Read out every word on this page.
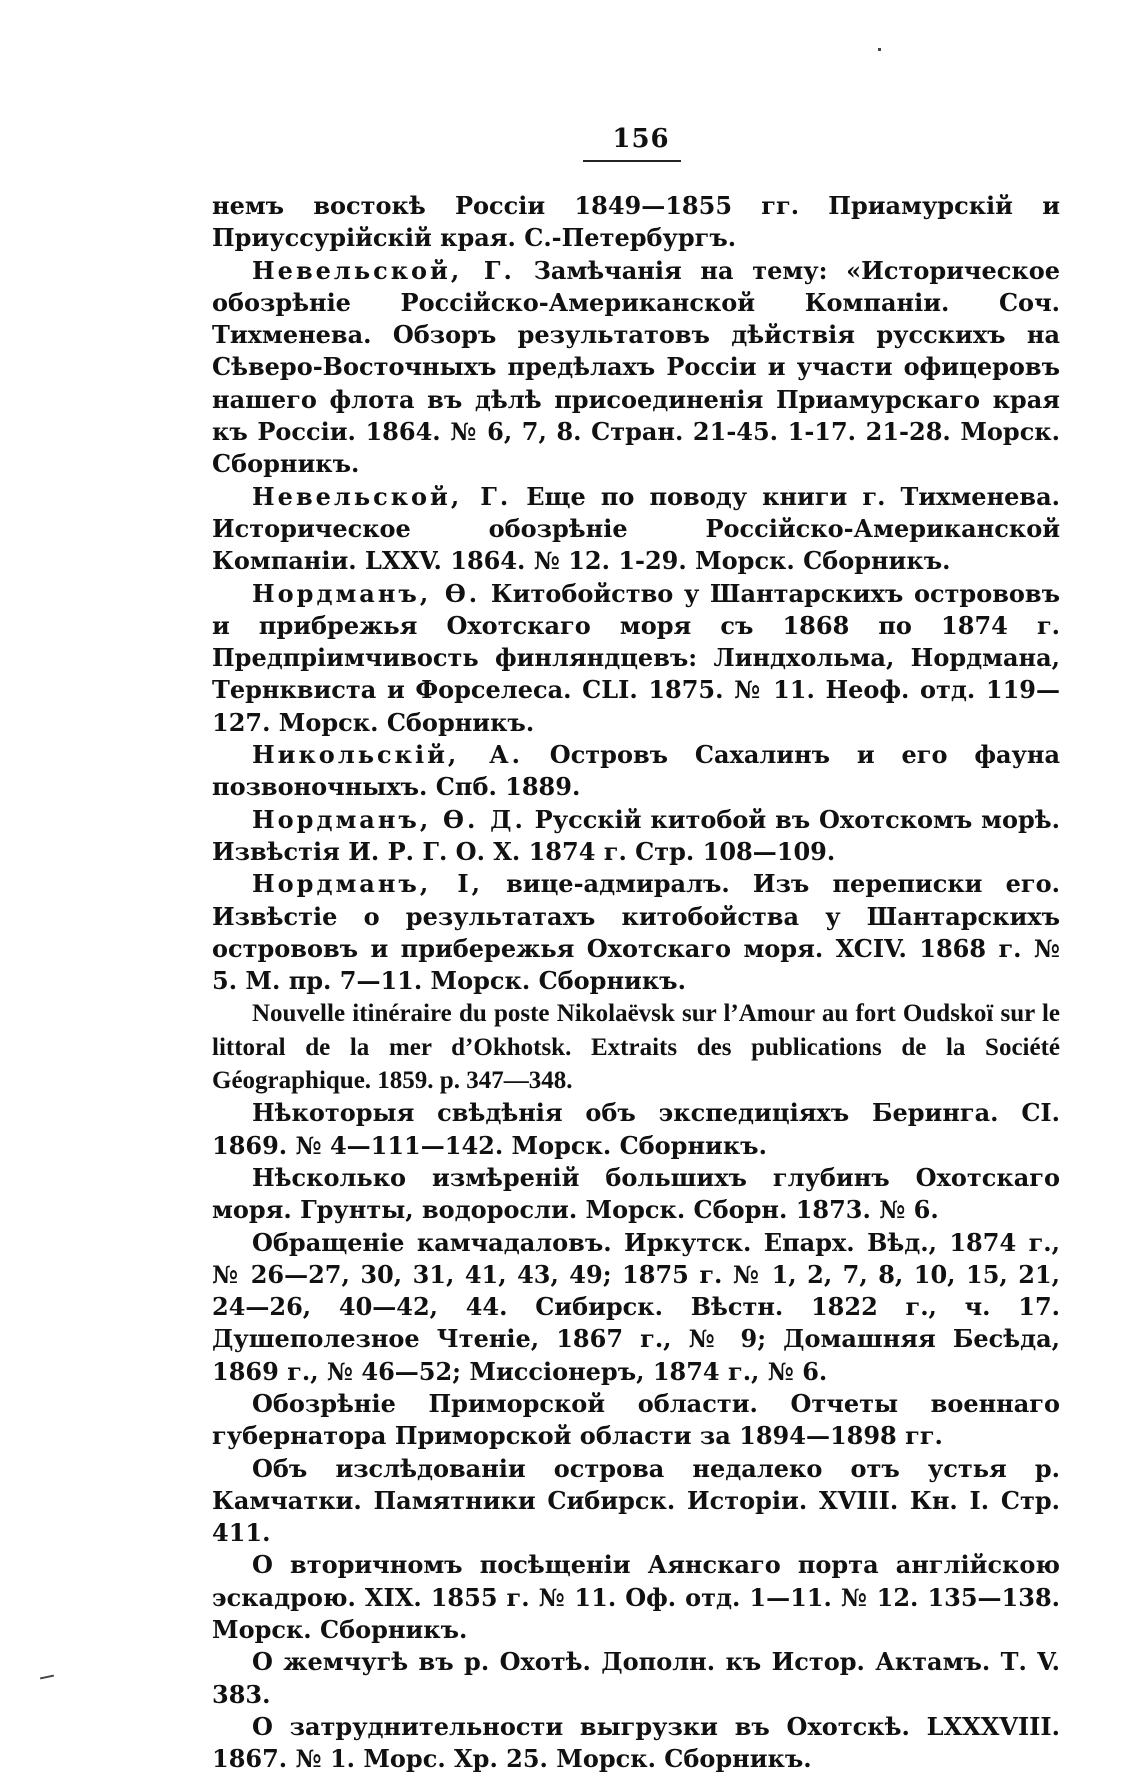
156

немъ востокѣ Россіи 1849—1855 гг. Приамурскій и Приуссурійскій края. С.-Петербургъ.

Невельской, Г. Замѣчанія на тему: «Историческое обозрѣніе Россійско-Американской Компаніи. Соч. Тихменева. Обзоръ результатовъ дѣйствія русскихъ на Сѣверо-Восточныхъ предѣлахъ Россіи и участи офицеровъ нашего флота въ дѣлѣ присоединенія Приамурскаго края къ Россіи. 1864. № 6, 7, 8. Стран. 21-45. 1-17. 21-28. Морск. Сборникъ.

Невельской, Г. Еще по поводу книги г. Тихменева. Историческое обозрѣніе Россійско-Американской Компаніи. LXXV. 1864. № 12. 1-29. Морск. Сборникъ.

Нордманъ, Ѳ. Китобойство у Шантарскихъ острововъ и прибрежья Охотскаго моря съ 1868 по 1874 г. Предпріимчивость финляндцевъ: Линдхольма, Нордмана, Тернквиста и Форселеса. CLI. 1875. № 11. Неоф. отд. 119—127. Морск. Сборникъ.

Никольскій, А. Островъ Сахалинъ и его фауна позвоночныхъ. Спб. 1889.

Нордманъ, Ѳ. Д. Русскій китобой въ Охотскомъ морѣ. Извѣстія И. Р. Г. О. Х. 1874 г. Стр. 108—109.

Нордманъ, І, вице-адмиралъ. Изъ переписки его. Извѣстіе о результатахъ китобойства у Шантарскихъ острововъ и прибережья Охотскаго моря. XCIV. 1868 г. № 5. М. пр. 7—11. Морск. Сборникъ.

Nouvelle itinéraire du poste Nikolaëvsk sur l’Amour au fort Oudskoï sur le littoral de la mer d’Okhotsk. Extraits des publications de la Société Géographique. 1859. p. 347—348.

Нѣкоторыя свѣдѣнія объ экспедиціяхъ Беринга. CI. 1869. № 4—111—142. Морск. Сборникъ.

Нѣсколько измѣреній большихъ глубинъ Охотскаго моря. Грунты, водоросли. Морск. Сборн. 1873. № 6.

Обращеніе камчадаловъ. Иркутск. Епарх. Вѣд., 1874 г., № 26—27, 30, 31, 41, 43, 49; 1875 г. № 1, 2, 7, 8, 10, 15, 21, 24—26, 40—42, 44. Сибирск. Вѣстн. 1822 г., ч. 17. Душеполезное Чтеніе, 1867 г., № 9; Домашняя Бесѣда, 1869 г., № 46—52; Миссіонеръ, 1874 г., № 6.

Обозрѣніе Приморской области. Отчеты военнаго губернатора Приморской области за 1894—1898 гг.

Объ изслѣдованіи острова недалеко отъ устья р. Камчатки. Памятники Сибирск. Исторіи. XVIII. Кн. I. Стр. 411.

О вторичномъ посѣщеніи Аянскаго порта англійскою эскадрою. XIX. 1855 г. № 11. Оф. отд. 1—11. № 12. 135—138. Морск. Сборникъ.

О жемчугѣ въ р. Охотѣ. Дополн. къ Истор. Актамъ. Т. V. 383.

О затруднительности выгрузки въ Охотскѣ. LXXXVIII. 1867. № 1. Морс. Хр. 25. Морск. Сборникъ.
